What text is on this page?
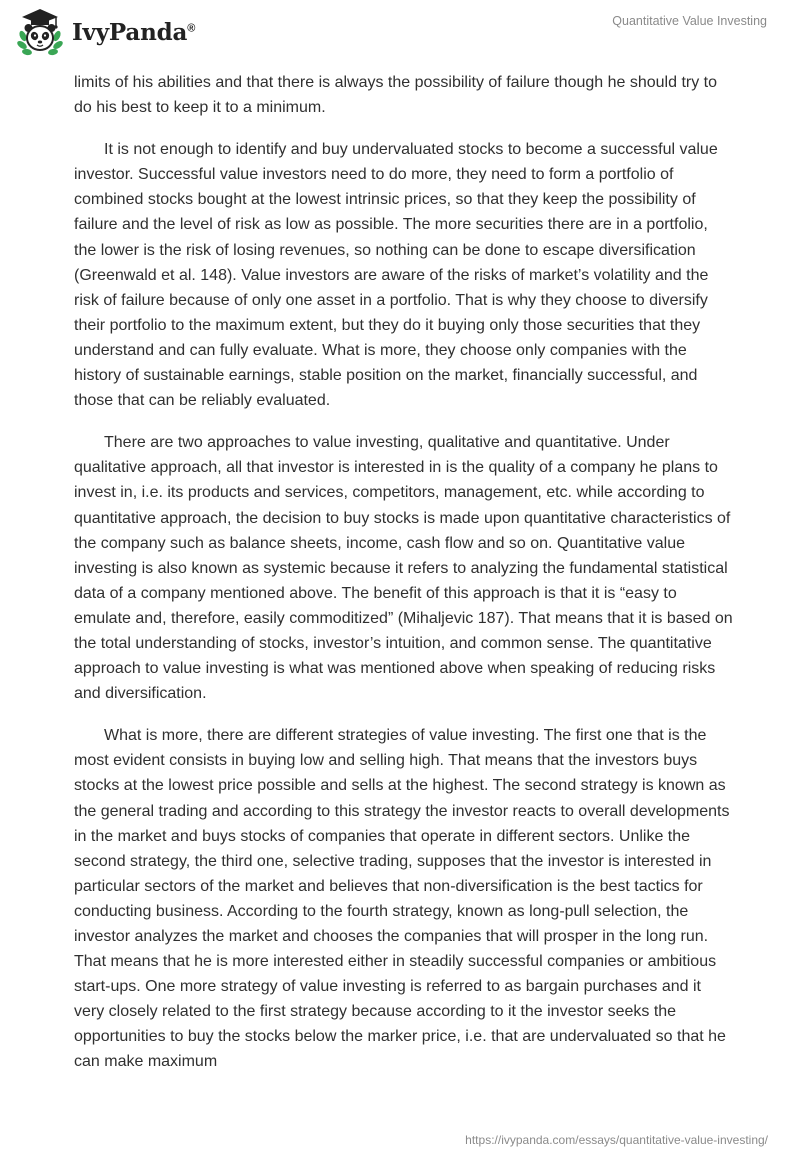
IvyPanda®	Quantitative Value Investing

limits of his abilities and that there is always the possibility of failure though he should try to do his best to keep it to a minimum.

It is not enough to identify and buy undervaluated stocks to become a successful value investor. Successful value investors need to do more, they need to form a portfolio of combined stocks bought at the lowest intrinsic prices, so that they keep the possibility of failure and the level of risk as low as possible. The more securities there are in a portfolio, the lower is the risk of losing revenues, so nothing can be done to escape diversification (Greenwald et al. 148). Value investors are aware of the risks of market’s volatility and the risk of failure because of only one asset in a portfolio. That is why they choose to diversify their portfolio to the maximum extent, but they do it buying only those securities that they understand and can fully evaluate. What is more, they choose only companies with the history of sustainable earnings, stable position on the market, financially successful, and those that can be reliably evaluated.

There are two approaches to value investing, qualitative and quantitative. Under qualitative approach, all that investor is interested in is the quality of a company he plans to invest in, i.e. its products and services, competitors, management, etc. while according to quantitative approach, the decision to buy stocks is made upon quantitative characteristics of the company such as balance sheets, income, cash flow and so on. Quantitative value investing is also known as systemic because it refers to analyzing the fundamental statistical data of a company mentioned above. The benefit of this approach is that it is “easy to emulate and, therefore, easily commoditized” (Mihaljevic 187). That means that it is based on the total understanding of stocks, investor’s intuition, and common sense. The quantitative approach to value investing is what was mentioned above when speaking of reducing risks and diversification.

What is more, there are different strategies of value investing. The first one that is the most evident consists in buying low and selling high. That means that the investors buys stocks at the lowest price possible and sells at the highest. The second strategy is known as the general trading and according to this strategy the investor reacts to overall developments in the market and buys stocks of companies that operate in different sectors. Unlike the second strategy, the third one, selective trading, supposes that the investor is interested in particular sectors of the market and believes that non-diversification is the best tactics for conducting business. According to the fourth strategy, known as long-pull selection, the investor analyzes the market and chooses the companies that will prosper in the long run. That means that he is more interested either in steadily successful companies or ambitious start-ups. One more strategy of value investing is referred to as bargain purchases and it very closely related to the first strategy because according to it the investor seeks the opportunities to buy the stocks below the marker price, i.e. that are undervaluated so that he can make maximum

https://ivypanda.com/essays/quantitative-value-investing/
